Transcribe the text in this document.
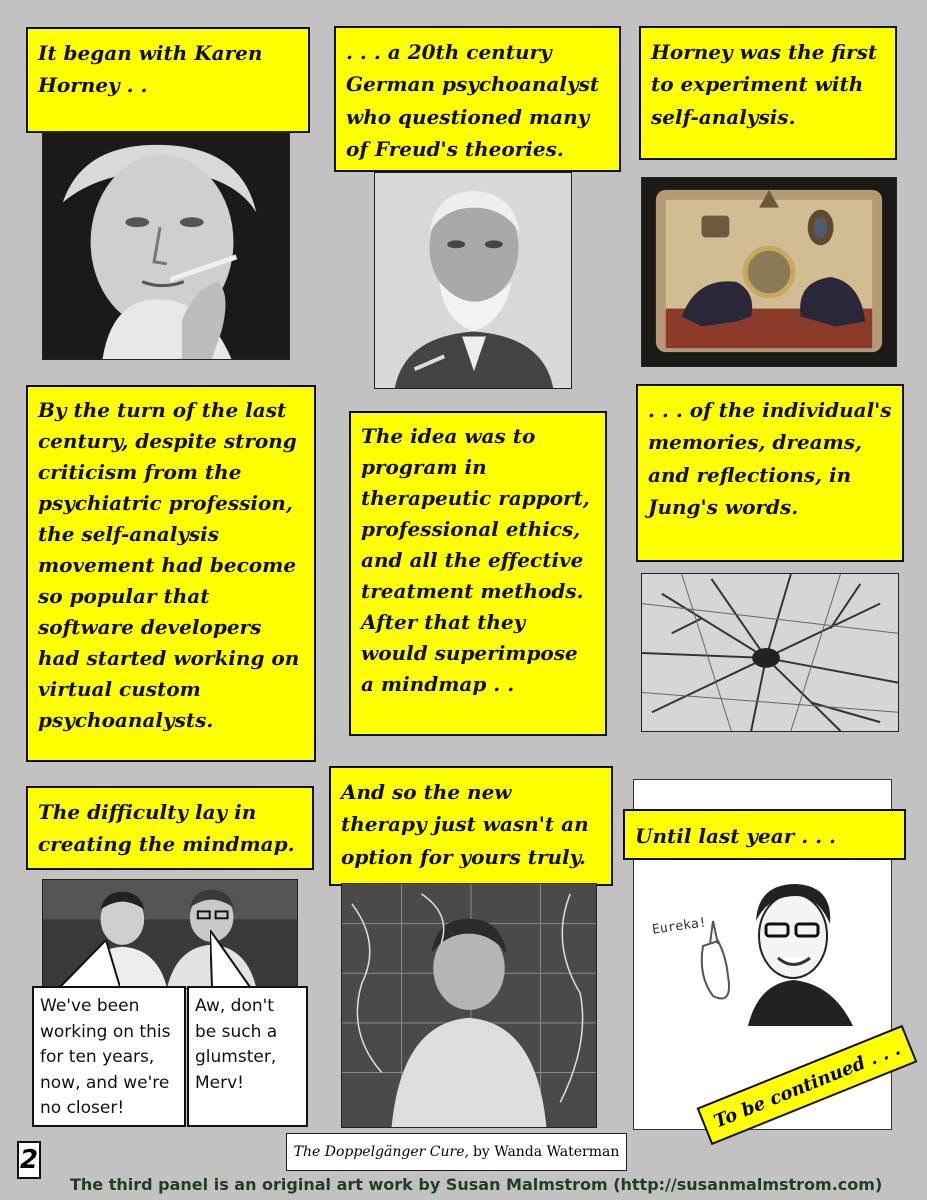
It began with Karen Horney . .
. . . a 20th century German psychoanalyst who questioned many of Freud's theories.
Horney was the first to experiment with self-analysis.
By the turn of the last century, despite strong criticism from the psychiatric profession, the self-analysis movement had become so popular that software developers had started working on virtual custom psychoanalysts.
The idea was to program in therapeutic rapport, professional ethics, and all the effective treatment methods. After that they would superimpose a mindmap . .
. . . of the individual's memories, dreams, and reflections, in Jung's words.
The difficulty lay in creating the mindmap.
We've been working on this for ten years, now, and we're no closer!
Aw, don't be such a glumster, Merv!
And so the new therapy just wasn't an option for yours truly.
Until last year . . .
Eureka!
To be continued . . .
2	The Doppelgänger Cure, by Wanda Waterman
The third panel is an original art work by Susan Malmstrom (http://susanmalmstrom.com)
